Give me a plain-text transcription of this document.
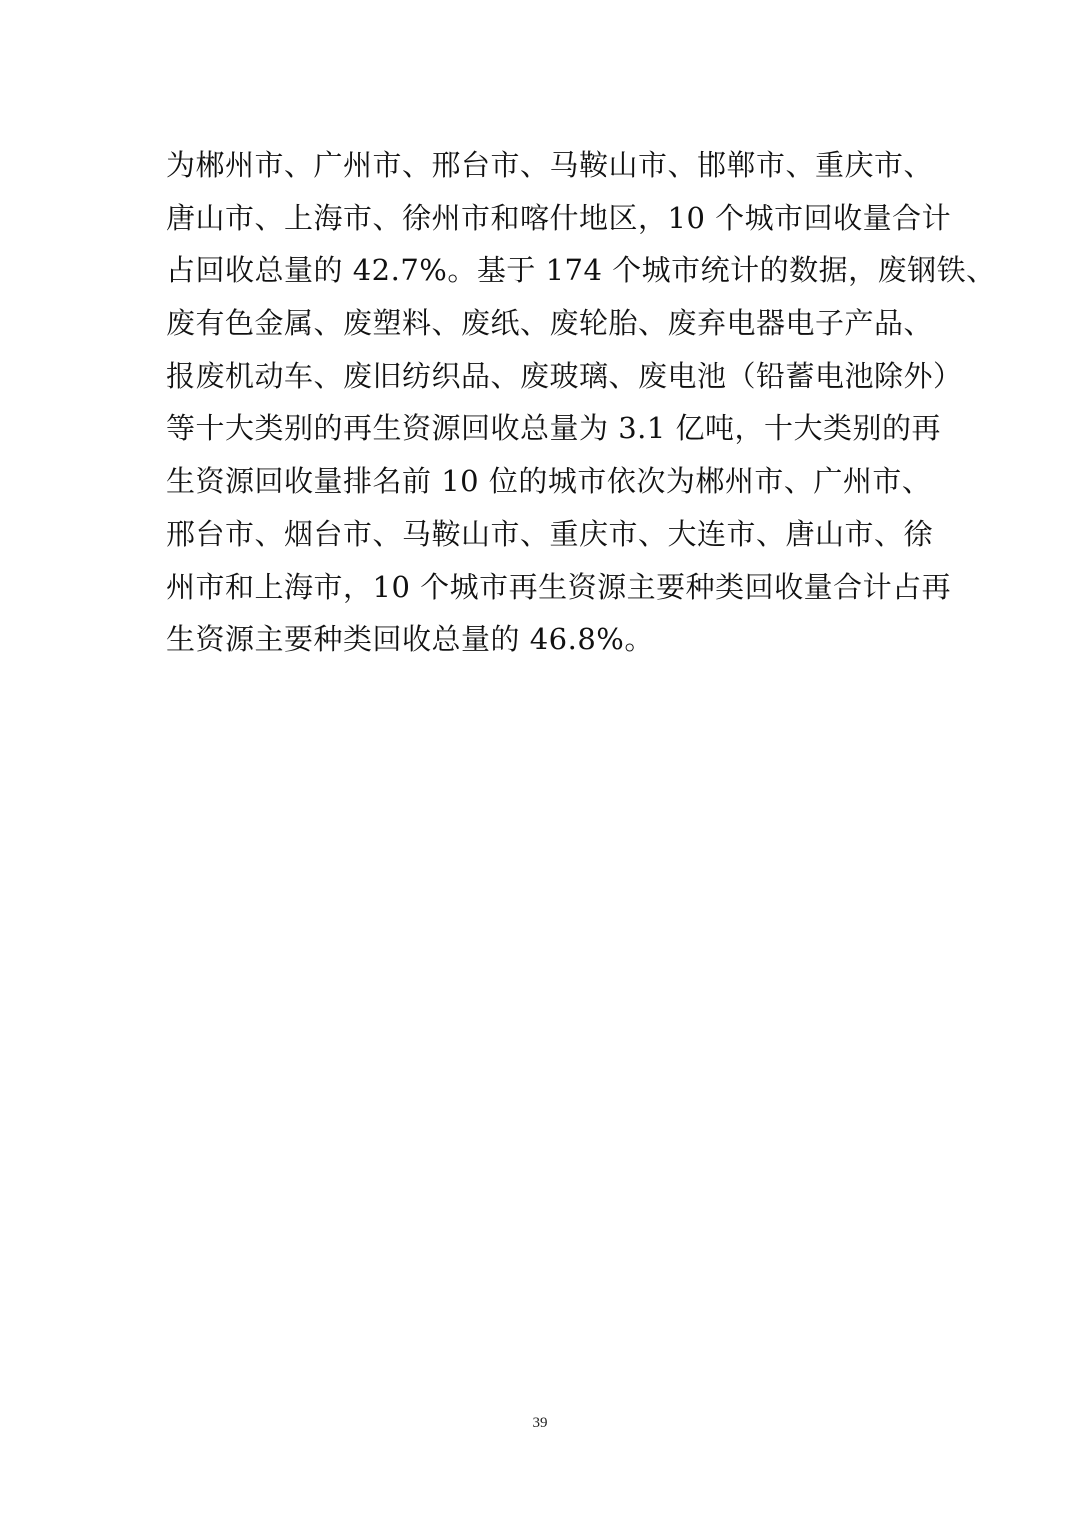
为郴州市、广州市、邢台市、马鞍山市、邯郸市、重庆市、
唐山市、上海市、徐州市和喀什地区，10 个城市回收量合计
占回收总量的 42.7%。基于 174 个城市统计的数据，废钢铁、
废有色金属、废塑料、废纸、废轮胎、废弃电器电子产品、
报废机动车、废旧纺织品、废玻璃、废电池（铅蓄电池除外）
等十大类别的再生资源回收总量为 3.1 亿吨，十大类别的再
生资源回收量排名前 10 位的城市依次为郴州市、广州市、
邢台市、烟台市、马鞍山市、重庆市、大连市、唐山市、徐
州市和上海市，10 个城市再生资源主要种类回收量合计占再
生资源主要种类回收总量的 46.8%。

39
